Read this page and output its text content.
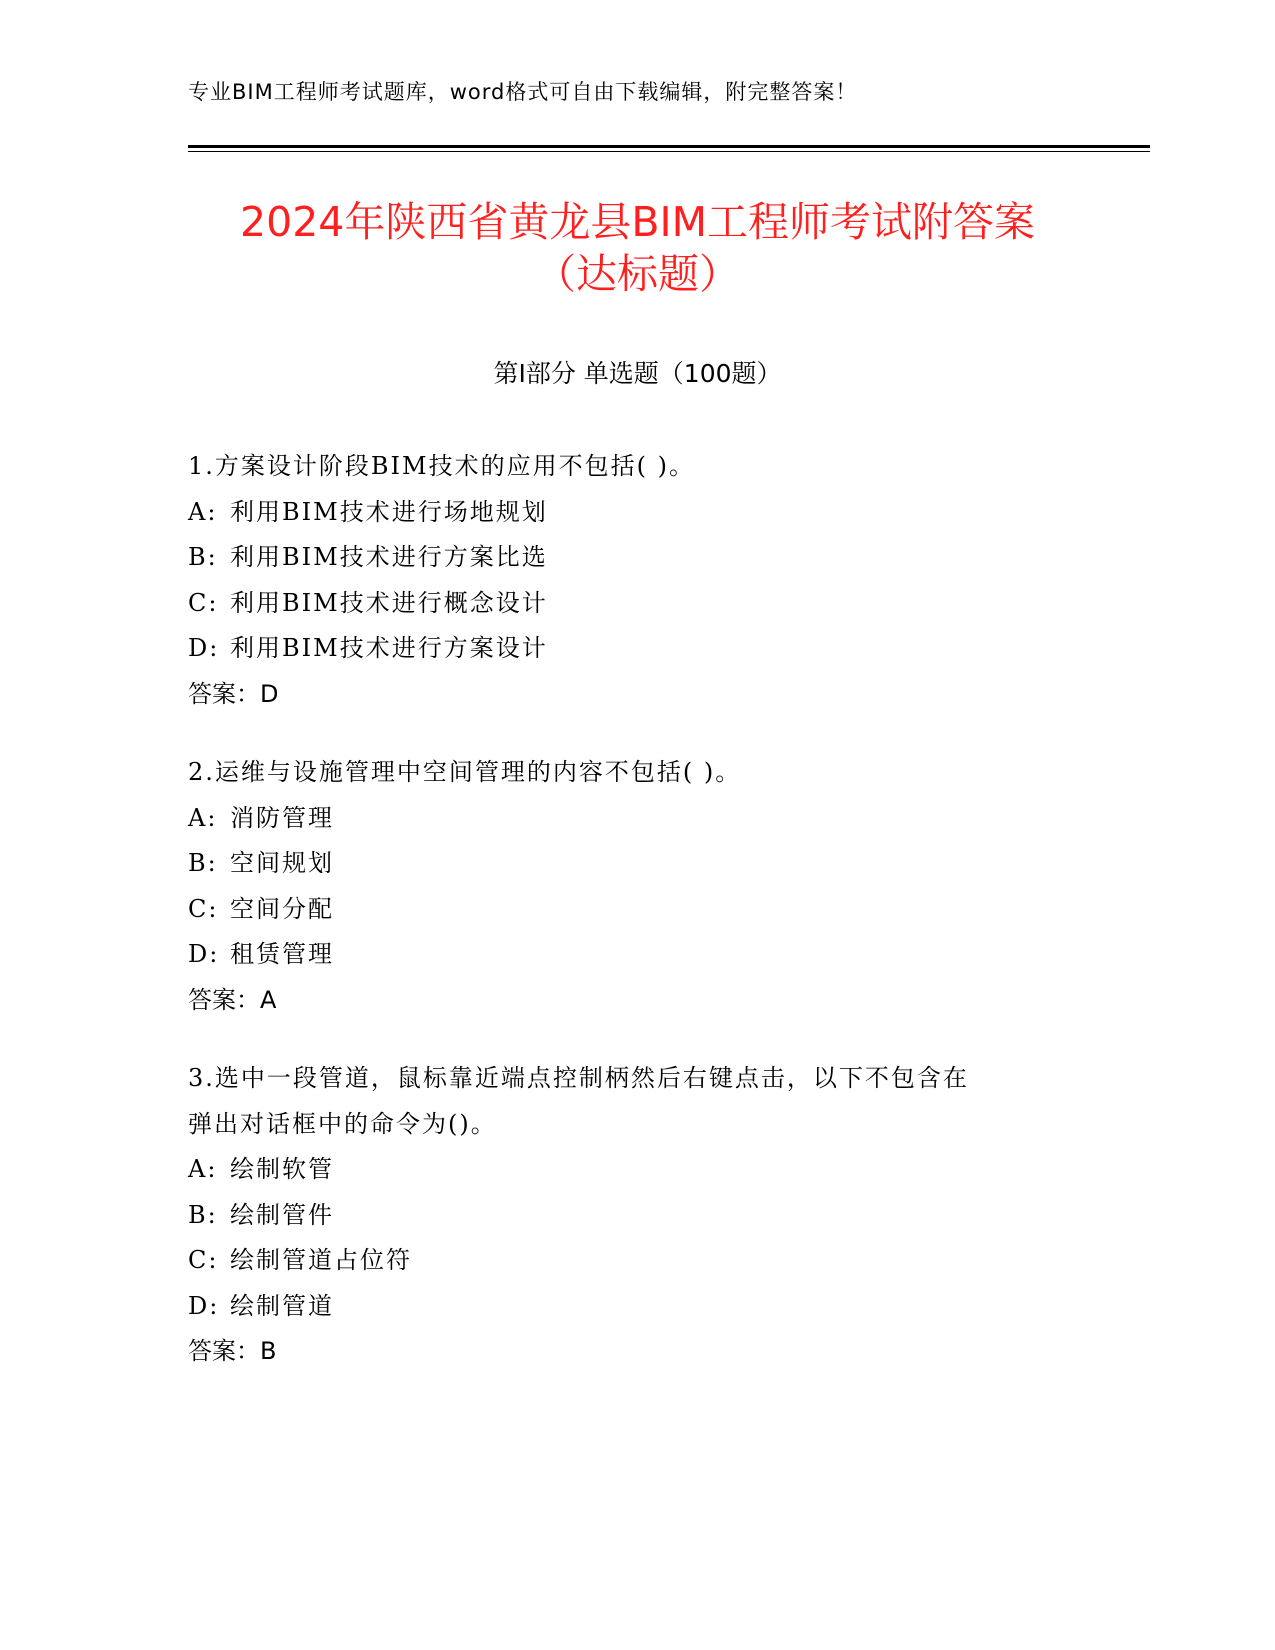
专业BIM工程师考试题库，word格式可自由下载编辑，附完整答案！
2024年陕西省黄龙县BIM工程师考试附答案
（达标题）
第I部分 单选题（100题）
1.方案设计阶段BIM技术的应用不包括( )。
A: 利用BIM技术进行场地规划
B: 利用BIM技术进行方案比选
C: 利用BIM技术进行概念设计
D: 利用BIM技术进行方案设计
答案：D
2.运维与设施管理中空间管理的内容不包括( )。
A: 消防管理
B: 空间规划
C: 空间分配
D: 租赁管理
答案：A
3.选中一段管道，鼠标靠近端点控制柄然后右键点击，以下不包含在
弹出对话框中的命令为()。
A: 绘制软管
B: 绘制管件
C: 绘制管道占位符
D: 绘制管道
答案：B
